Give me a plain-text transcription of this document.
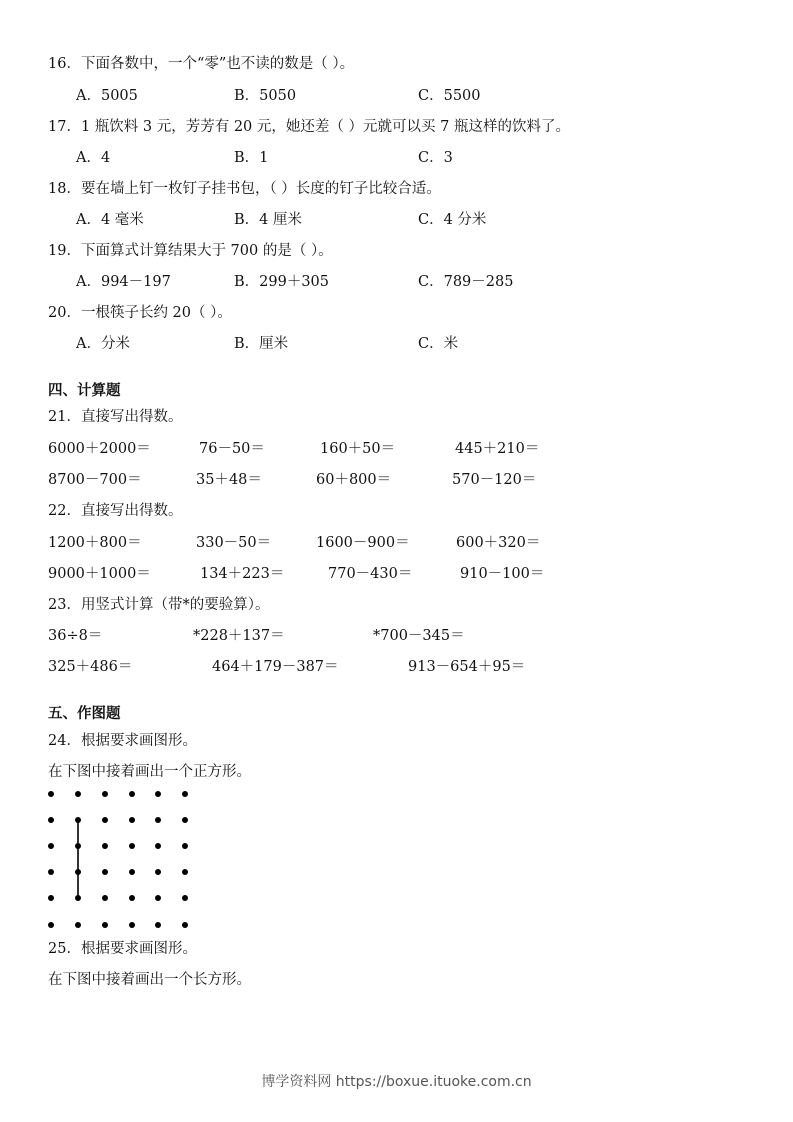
16．下面各数中，一个“零”也不读的数是（ ）。
A．5005	B．5050	C．5500
17．1 瓶饮料 3 元，芳芳有 20 元，她还差（ ）元就可以买 7 瓶这样的饮料了。
A．4	B．1	C．3
18．要在墙上钉一枚钉子挂书包，（ ）长度的钉子比较合适。
A．4 毫米	B．4 厘米	C．4 分米
19．下面算式计算结果大于 700 的是（ ）。
A．994－197	B．299＋305	C．789－285
20．一根筷子长约 20（ ）。
A．分米	B．厘米	C．米
四、计算题
21．直接写出得数。
6000＋2000＝	76－50＝	160＋50＝	445＋210＝
8700－700＝	35＋48＝	60＋800＝	570－120＝
22．直接写出得数。
1200＋800＝	330－50＝	1600－900＝	600＋320＝
9000＋1000＝	134＋223＝	770－430＝	910－100＝
23．用竖式计算（带*的要验算）。
36÷8＝	*228＋137＝	*700－345＝
325＋486＝	464＋179－387＝	913－654＋95＝
五、作图题
24．根据要求画图形。
在下图中接着画出一个正方形。
25．根据要求画图形。
在下图中接着画出一个长方形。
博学资料网 https://boxue.ituoke.com.cn
